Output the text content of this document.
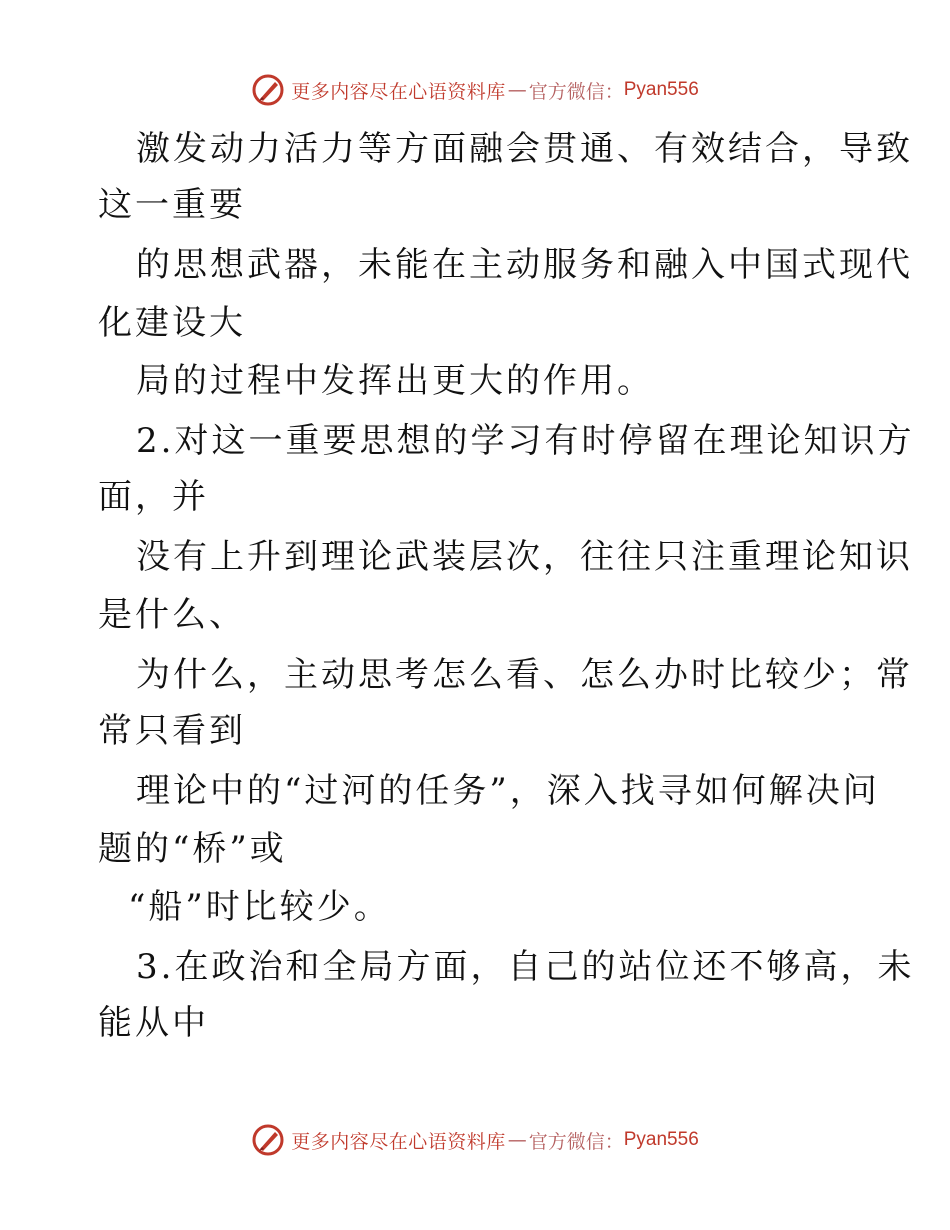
更多内容尽在心语资料库 — 官方微信： Pyan556
激发动力活力等方面融会贯通、有效结合，导致
这一重要
的思想武器，未能在主动服务和融入中国式现代
化建设大
局的过程中发挥出更大的作用。
2.对这一重要思想的学习有时停留在理论知识方
面，并
没有上升到理论武装层次，往往只注重理论知识
是什么、
为什么，主动思考怎么看、怎么办时比较少；常
常只看到
理论中的“过河的任务”，深入找寻如何解决问
题的“桥”或
“船”时比较少。
3.在政治和全局方面，自己的站位还不够高，未
能从中
更多内容尽在心语资料库 — 官方微信： Pyan556
